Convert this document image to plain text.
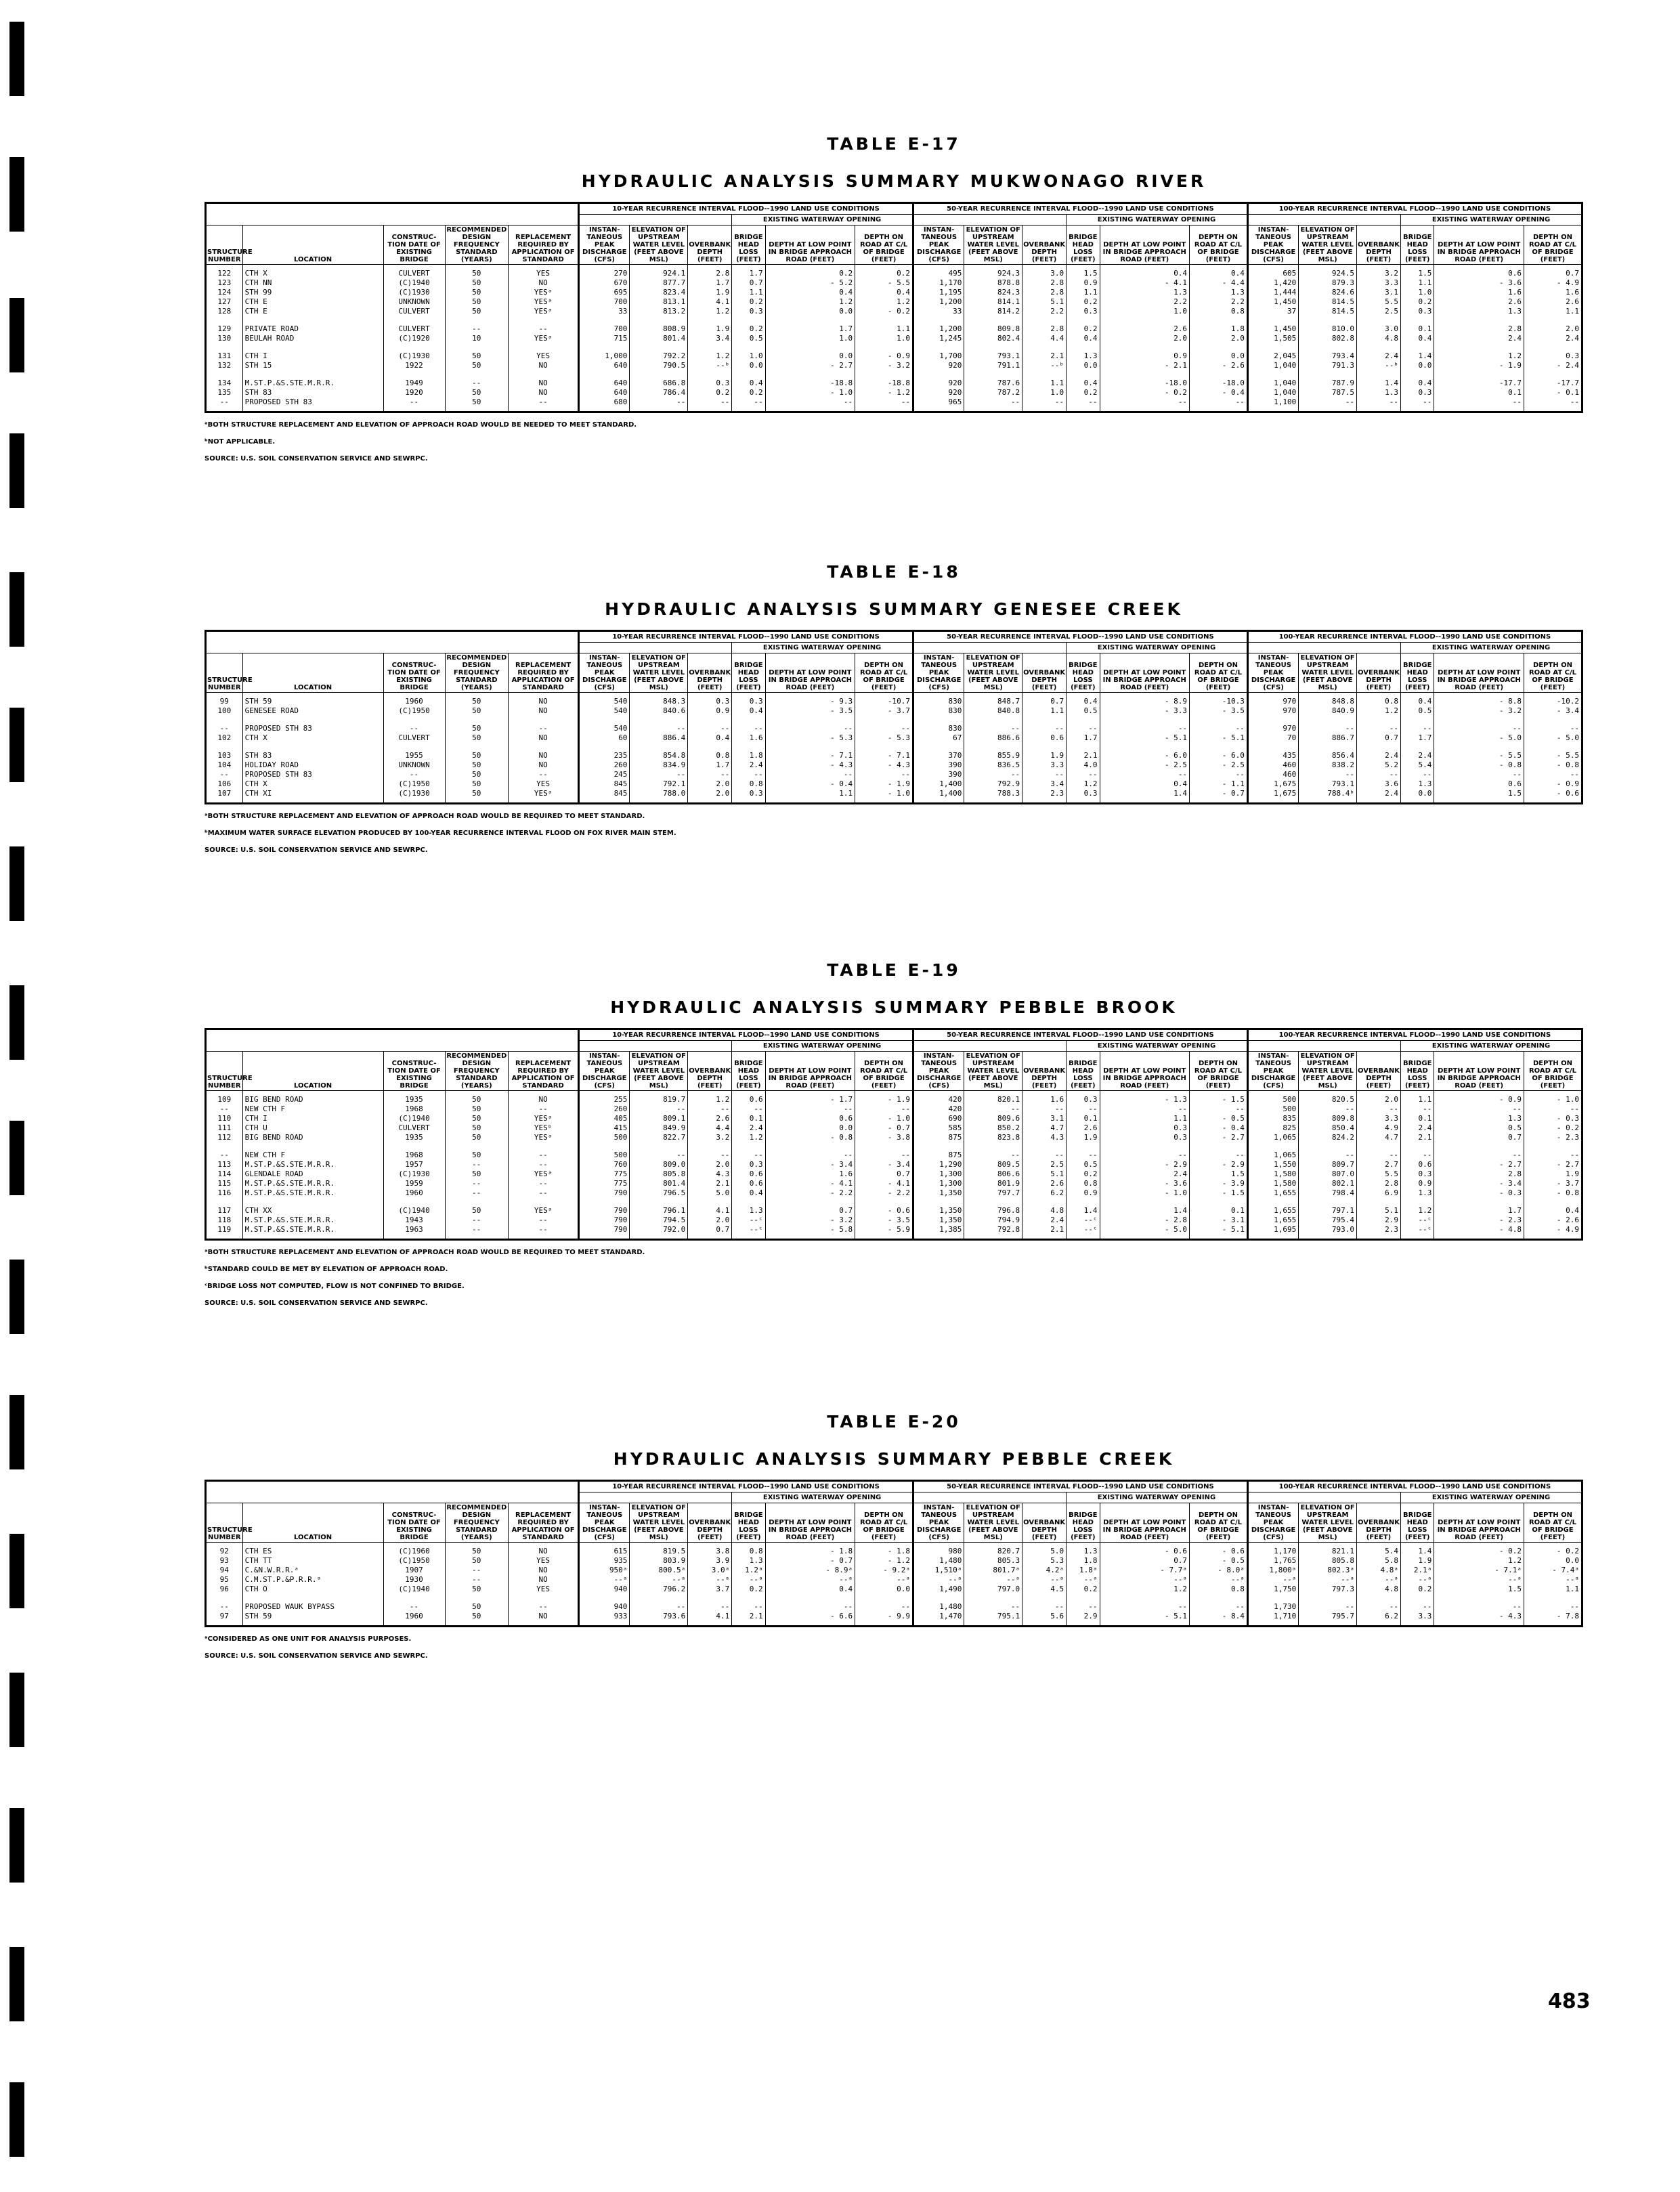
TABLE E-17
HYDRAULIC ANALYSIS SUMMARY MUKWONAGO RIVER
					10-YEAR RECURRENCE INTERVAL FLOOD--1990 LAND USE CONDITIONS						50-YEAR RECURRENCE INTERVAL FLOOD--1990 LAND USE CONDITIONS						100-YEAR RECURRENCE INTERVAL FLOOD--1990 LAND USE CONDITIONS					
								EXISTING WATERWAY OPENING						EXISTING WATERWAY OPENING						EXISTING WATERWAY OPENING		
STRUCTURE NUMBER	LOCATION	CONSTRUC- TION DATE OF EXISTING BRIDGE	RECOMMENDED DESIGN FREQUENCY STANDARD (YEARS)	REPLACEMENT REQUIRED BY APPLICATION OF STANDARD	INSTAN- TANEOUS PEAK DISCHARGE (CFS)	ELEVATION OF UPSTREAM WATER LEVEL (FEET ABOVE MSL)	OVERBANK DEPTH (FEET)	BRIDGE HEAD LOSS (FEET)	DEPTH AT LOW POINT IN BRIDGE APPROACH ROAD (FEET)	DEPTH ON ROAD AT C/L OF BRIDGE (FEET)	INSTAN- TANEOUS PEAK DISCHARGE (CFS)	ELEVATION OF UPSTREAM WATER LEVEL (FEET ABOVE MSL)	OVERBANK DEPTH (FEET)	BRIDGE HEAD LOSS (FEET)	DEPTH AT LOW POINT IN BRIDGE APPROACH ROAD (FEET)	DEPTH ON ROAD AT C/L OF BRIDGE (FEET)	INSTAN- TANEOUS PEAK DISCHARGE (CFS)	ELEVATION OF UPSTREAM WATER LEVEL (FEET ABOVE MSL)	OVERBANK DEPTH (FEET)	BRIDGE HEAD LOSS (FEET)	DEPTH AT LOW POINT IN BRIDGE APPROACH ROAD (FEET)	DEPTH ON ROAD AT C/L OF BRIDGE (FEET)
122	CTH X	CULVERT	50	YES	270	924.1	2.8	1.7	0.2	0.2	495	924.3	3.0	1.5	0.4	0.4	605	924.5	3.2	1.5	0.6	0.7
123	CTH NN	(C)1940	50	NO	670	877.7	1.7	0.7	- 5.2	- 5.5	1,170	878.8	2.8	0.9	- 4.1	- 4.4	1,420	879.3	3.3	1.1	- 3.6	- 4.9
124	STH 99	(C)1930	50	YESᵃ	695	823.4	1.9	1.1	0.4	0.4	1,195	824.3	2.8	1.1	1.3	1.3	1,444	824.6	3.1	1.0	1.6	1.6
127	CTH E	UNKNOWN	50	YESᵃ	700	813.1	4.1	0.2	1.2	1.2	1,200	814.1	5.1	0.2	2.2	2.2	1,450	814.5	5.5	0.2	2.6	2.6
128	CTH E	CULVERT	50	YESᵃ	33	813.2	1.2	0.3	0.0	- 0.2	33	814.2	2.2	0.3	1.0	0.8	37	814.5	2.5	0.3	1.3	1.1

129	PRIVATE ROAD	CULVERT	--	--	700	808.9	1.9	0.2	1.7	1.1	1,200	809.8	2.8	0.2	2.6	1.8	1,450	810.0	3.0	0.1	2.8	2.0
130	BEULAH ROAD	(C)1920	10	YESᵃ	715	801.4	3.4	0.5	1.0	1.0	1,245	802.4	4.4	0.4	2.0	2.0	1,505	802.8	4.8	0.4	2.4	2.4

131	CTH I	(C)1930	50	YES	1,000	792.2	1.2	1.0	0.0	- 0.9	1,700	793.1	2.1	1.3	0.9	0.0	2,045	793.4	2.4	1.4	1.2	0.3
132	STH 15	1922	50	NO	640	790.5	--ᵇ	0.0	- 2.7	- 3.2	920	791.1	--ᵇ	0.0	- 2.1	- 2.6	1,040	791.3	--ᵇ	0.0	- 1.9	- 2.4

134	M.ST.P.&S.STE.M.R.R.	1949	--	NO	640	686.8	0.3	0.4	-18.8	-18.8	920	787.6	1.1	0.4	-18.0	-18.0	1,040	787.9	1.4	0.4	-17.7	-17.7
135	STH 83	1920	50	NO	640	786.4	0.2	0.2	- 1.0	- 1.2	920	787.2	1.0	0.2	- 0.2	- 0.4	1,040	787.5	1.3	0.3	0.1	- 0.1
--	PROPOSED STH 83	--	50	--	680	--	--	--	--	--	965	--	--	--	--	--	1,100	--	--	--	--	--

ᵃBOTH STRUCTURE REPLACEMENT AND ELEVATION OF APPROACH ROAD WOULD BE NEEDED TO MEET STANDARD.

ᵇNOT APPLICABLE.

SOURCE: U.S. SOIL CONSERVATION SERVICE AND SEWRPC.

TABLE E-18
HYDRAULIC ANALYSIS SUMMARY GENESEE CREEK
					10-YEAR RECURRENCE INTERVAL FLOOD--1990 LAND USE CONDITIONS						50-YEAR RECURRENCE INTERVAL FLOOD--1990 LAND USE CONDITIONS						100-YEAR RECURRENCE INTERVAL FLOOD--1990 LAND USE CONDITIONS					
								EXISTING WATERWAY OPENING						EXISTING WATERWAY OPENING						EXISTING WATERWAY OPENING		
STRUCTURE NUMBER	LOCATION	CONSTRUC- TION DATE OF EXISTING BRIDGE	RECOMMENDED DESIGN FREQUENCY STANDARD (YEARS)	REPLACEMENT REQUIRED BY APPLICATION OF STANDARD	INSTAN- TANEOUS PEAK DISCHARGE (CFS)	ELEVATION OF UPSTREAM WATER LEVEL (FEET ABOVE MSL)	OVERBANK DEPTH (FEET)	BRIDGE HEAD LOSS (FEET)	DEPTH AT LOW POINT IN BRIDGE APPROACH ROAD (FEET)	DEPTH ON ROAD AT C/L OF BRIDGE (FEET)	INSTAN- TANEOUS PEAK DISCHARGE (CFS)	ELEVATION OF UPSTREAM WATER LEVEL (FEET ABOVE MSL)	OVERBANK DEPTH (FEET)	BRIDGE HEAD LOSS (FEET)	DEPTH AT LOW POINT IN BRIDGE APPROACH ROAD (FEET)	DEPTH ON ROAD AT C/L OF BRIDGE (FEET)	INSTAN- TANEOUS PEAK DISCHARGE (CFS)	ELEVATION OF UPSTREAM WATER LEVEL (FEET ABOVE MSL)	OVERBANK DEPTH (FEET)	BRIDGE HEAD LOSS (FEET)	DEPTH AT LOW POINT IN BRIDGE APPROACH ROAD (FEET)	DEPTH ON ROAD AT C/L OF BRIDGE (FEET)
99	STH 59	1960	50	NO	540	848.3	0.3	0.3	- 9.3	-10.7	830	848.7	0.7	0.4	- 8.9	-10.3	970	848.8	0.8	0.4	- 8.8	-10.2
100	GENESEE ROAD	(C)1950	50	NO	540	840.6	0.9	0.4	- 3.5	- 3.7	830	840.8	1.1	0.5	- 3.3	- 3.5	970	840.9	1.2	0.5	- 3.2	- 3.4

--	PROPOSED STH 83	--	50	--	540	--	--	--	--	--	830	--	--	--	--	--	970	--	--	--	--	--
102	CTH X	CULVERT	50	NO	60	886.4	0.4	1.6	- 5.3	- 5.3	67	886.6	0.6	1.7	- 5.1	- 5.1	70	886.7	0.7	1.7	- 5.0	- 5.0

103	STH 83	1955	50	NO	235	854.8	0.8	1.8	- 7.1	- 7.1	370	855.9	1.9	2.1	- 6.0	- 6.0	435	856.4	2.4	2.4	- 5.5	- 5.5
104	HOLIDAY ROAD	UNKNOWN	50	NO	260	834.9	1.7	2.4	- 4.3	- 4.3	390	836.5	3.3	4.0	- 2.5	- 2.5	460	838.2	5.2	5.4	- 0.8	- 0.8
--	PROPOSED STH 83	--	50	--	245	--	--	--	--	--	390	--	--	--	--	--	460	--	--	--	--	--
106	CTH X	(C)1950	50	YES	845	792.1	2.0	0.8	- 0.4	- 1.9	1,400	792.9	3.4	1.2	0.4	- 1.1	1,675	793.1	3.6	1.3	0.6	- 0.9
107	CTH XI	(C)1930	50	YESᵃ	845	788.0	2.0	0.3	1.1	- 1.0	1,400	788.3	2.3	0.3	1.4	- 0.7	1,675	788.4ᵇ	2.4	0.0	1.5	- 0.6

ᵃBOTH STRUCTURE REPLACEMENT AND ELEVATION OF APPROACH ROAD WOULD BE REQUIRED TO MEET STANDARD.

ᵇMAXIMUM WATER SURFACE ELEVATION PRODUCED BY 100-YEAR RECURRENCE INTERVAL FLOOD ON FOX RIVER MAIN STEM.

SOURCE: U.S. SOIL CONSERVATION SERVICE AND SEWRPC.

TABLE E-19
HYDRAULIC ANALYSIS SUMMARY PEBBLE BROOK
					10-YEAR RECURRENCE INTERVAL FLOOD--1990 LAND USE CONDITIONS						50-YEAR RECURRENCE INTERVAL FLOOD--1990 LAND USE CONDITIONS						100-YEAR RECURRENCE INTERVAL FLOOD--1990 LAND USE CONDITIONS					
								EXISTING WATERWAY OPENING						EXISTING WATERWAY OPENING						EXISTING WATERWAY OPENING		
STRUCTURE NUMBER	LOCATION	CONSTRUC- TION DATE OF EXISTING BRIDGE	RECOMMENDED DESIGN FREQUENCY STANDARD (YEARS)	REPLACEMENT REQUIRED BY APPLICATION OF STANDARD	INSTAN- TANEOUS PEAK DISCHARGE (CFS)	ELEVATION OF UPSTREAM WATER LEVEL (FEET ABOVE MSL)	OVERBANK DEPTH (FEET)	BRIDGE HEAD LOSS (FEET)	DEPTH AT LOW POINT IN BRIDGE APPROACH ROAD (FEET)	DEPTH ON ROAD AT C/L OF BRIDGE (FEET)	INSTAN- TANEOUS PEAK DISCHARGE (CFS)	ELEVATION OF UPSTREAM WATER LEVEL (FEET ABOVE MSL)	OVERBANK DEPTH (FEET)	BRIDGE HEAD LOSS (FEET)	DEPTH AT LOW POINT IN BRIDGE APPROACH ROAD (FEET)	DEPTH ON ROAD AT C/L OF BRIDGE (FEET)	INSTAN- TANEOUS PEAK DISCHARGE (CFS)	ELEVATION OF UPSTREAM WATER LEVEL (FEET ABOVE MSL)	OVERBANK DEPTH (FEET)	BRIDGE HEAD LOSS (FEET)	DEPTH AT LOW POINT IN BRIDGE APPROACH ROAD (FEET)	DEPTH ON ROAD AT C/L OF BRIDGE (FEET)
109	BIG BEND ROAD	1935	50	NO	255	819.7	1.2	0.6	- 1.7	- 1.9	420	820.1	1.6	0.3	- 1.3	- 1.5	500	820.5	2.0	1.1	- 0.9	- 1.0
--	NEW CTH F	1968	50	--	260	--	--	--	--	--	420	--	--	--	--	--	500	--	--	--	--	--
110	CTH I	(C)1940	50	YESᵃ	405	809.1	2.6	0.1	0.6	- 1.0	690	809.6	3.1	0.1	1.1	- 0.5	835	809.8	3.3	0.1	1.3	- 0.3
111	CTH U	CULVERT	50	YESᵇ	415	849.9	4.4	2.4	0.0	- 0.7	585	850.2	4.7	2.6	0.3	- 0.4	825	850.4	4.9	2.4	0.5	- 0.2
112	BIG BEND ROAD	1935	50	YESᵃ	500	822.7	3.2	1.2	- 0.8	- 3.8	875	823.8	4.3	1.9	0.3	- 2.7	1,065	824.2	4.7	2.1	0.7	- 2.3

--	NEW CTH F	1968	50	--	500	--	--	--	--	--	875	--	--	--	--	--	1,065	--	--	--	--	--
113	M.ST.P.&S.STE.M.R.R.	1957	--	--	760	809.0	2.0	0.3	- 3.4	- 3.4	1,290	809.5	2.5	0.5	- 2.9	- 2.9	1,550	809.7	2.7	0.6	- 2.7	- 2.7
114	GLENDALE ROAD	(C)1930	50	YESᵃ	775	805.8	4.3	0.6	1.6	0.7	1,300	806.6	5.1	0.2	2.4	1.5	1,580	807.0	5.5	0.3	2.8	1.9
115	M.ST.P.&S.STE.M.R.R.	1959	--	--	775	801.4	2.1	0.6	- 4.1	- 4.1	1,300	801.9	2.6	0.8	- 3.6	- 3.9	1,580	802.1	2.8	0.9	- 3.4	- 3.7
116	M.ST.P.&S.STE.M.R.R.	1960	--	--	790	796.5	5.0	0.4	- 2.2	- 2.2	1,350	797.7	6.2	0.9	- 1.0	- 1.5	1,655	798.4	6.9	1.3	- 0.3	- 0.8

117	CTH XX	(C)1940	50	YESᵃ	790	796.1	4.1	1.3	0.7	- 0.6	1,350	796.8	4.8	1.4	1.4	0.1	1,655	797.1	5.1	1.2	1.7	0.4
118	M.ST.P.&S.STE.M.R.R.	1943	--	--	790	794.5	2.0	--ᶜ	- 3.2	- 3.5	1,350	794.9	2.4	--ᶜ	- 2.8	- 3.1	1,655	795.4	2.9	--ᶜ	- 2.3	- 2.6
119	M.ST.P.&S.STE.M.R.R.	1963	--	--	790	792.0	0.7	--ᶜ	- 5.8	- 5.9	1,385	792.8	2.1	--ᶜ	- 5.0	- 5.1	1,695	793.0	2.3	--ᶜ	- 4.8	- 4.9

ᵃBOTH STRUCTURE REPLACEMENT AND ELEVATION OF APPROACH ROAD WOULD BE REQUIRED TO MEET STANDARD.

ᵇSTANDARD COULD BE MET BY ELEVATION OF APPROACH ROAD.

ᶜBRIDGE LOSS NOT COMPUTED, FLOW IS NOT CONFINED TO BRIDGE.

SOURCE: U.S. SOIL CONSERVATION SERVICE AND SEWRPC.

TABLE E-20
HYDRAULIC ANALYSIS SUMMARY PEBBLE CREEK
					10-YEAR RECURRENCE INTERVAL FLOOD--1990 LAND USE CONDITIONS						50-YEAR RECURRENCE INTERVAL FLOOD--1990 LAND USE CONDITIONS						100-YEAR RECURRENCE INTERVAL FLOOD--1990 LAND USE CONDITIONS					
								EXISTING WATERWAY OPENING						EXISTING WATERWAY OPENING						EXISTING WATERWAY OPENING		
STRUCTURE NUMBER	LOCATION	CONSTRUC- TION DATE OF EXISTING BRIDGE	RECOMMENDED DESIGN FREQUENCY STANDARD (YEARS)	REPLACEMENT REQUIRED BY APPLICATION OF STANDARD	INSTAN- TANEOUS PEAK DISCHARGE (CFS)	ELEVATION OF UPSTREAM WATER LEVEL (FEET ABOVE MSL)	OVERBANK DEPTH (FEET)	BRIDGE HEAD LOSS (FEET)	DEPTH AT LOW POINT IN BRIDGE APPROACH ROAD (FEET)	DEPTH ON ROAD AT C/L OF BRIDGE (FEET)	INSTAN- TANEOUS PEAK DISCHARGE (CFS)	ELEVATION OF UPSTREAM WATER LEVEL (FEET ABOVE MSL)	OVERBANK DEPTH (FEET)	BRIDGE HEAD LOSS (FEET)	DEPTH AT LOW POINT IN BRIDGE APPROACH ROAD (FEET)	DEPTH ON ROAD AT C/L OF BRIDGE (FEET)	INSTAN- TANEOUS PEAK DISCHARGE (CFS)	ELEVATION OF UPSTREAM WATER LEVEL (FEET ABOVE MSL)	OVERBANK DEPTH (FEET)	BRIDGE HEAD LOSS (FEET)	DEPTH AT LOW POINT IN BRIDGE APPROACH ROAD (FEET)	DEPTH ON ROAD AT C/L OF BRIDGE (FEET)
92	CTH ES	(C)1960	50	NO	615	819.5	3.8	0.8	- 1.8	- 1.8	980	820.7	5.0	1.3	- 0.6	- 0.6	1,170	821.1	5.4	1.4	- 0.2	- 0.2
93	CTH TT	(C)1950	50	YES	935	803.9	3.9	1.3	- 0.7	- 1.2	1,480	805.3	5.3	1.8	0.7	- 0.5	1,765	805.8	5.8	1.9	1.2	0.0
94	C.&N.W.R.R.ᵃ	1907	--	NO	950ᵃ	800.5ᵃ	3.0ᵃ	1.2ᵃ	- 8.9ᵃ	- 9.2ᵃ	1,510ᵃ	801.7ᵃ	4.2ᵃ	1.8ᵃ	- 7.7ᵃ	- 8.0ᵃ	1,800ᵃ	802.3ᵃ	4.8ᵃ	2.1ᵃ	- 7.1ᵃ	- 7.4ᵃ
95	C.M.ST.P.&P.R.R.ᵃ	1930	--	NO	--ᵃ	--ᵃ	--ᵃ	--ᵃ	--ᵃ	--ᵃ	--ᵃ	--ᵃ	--ᵃ	--ᵃ	--ᵃ	--ᵃ	--ᵃ	--ᵃ	--ᵃ	--ᵃ	--ᵃ	--ᵃ
96	CTH O	(C)1940	50	YES	940	796.2	3.7	0.2	0.4	0.0	1,490	797.0	4.5	0.2	1.2	0.8	1,750	797.3	4.8	0.2	1.5	1.1

--	PROPOSED WAUK BYPASS	--	50	--	940	--	--	--	--	--	1,480	--	--	--	--	--	1,730	--	--	--	--	--
97	STH 59	1960	50	NO	933	793.6	4.1	2.1	- 6.6	- 9.9	1,470	795.1	5.6	2.9	- 5.1	- 8.4	1,710	795.7	6.2	3.3	- 4.3	- 7.8

ᵃCONSIDERED AS ONE UNIT FOR ANALYSIS PURPOSES.

SOURCE: U.S. SOIL CONSERVATION SERVICE AND SEWRPC.

483
